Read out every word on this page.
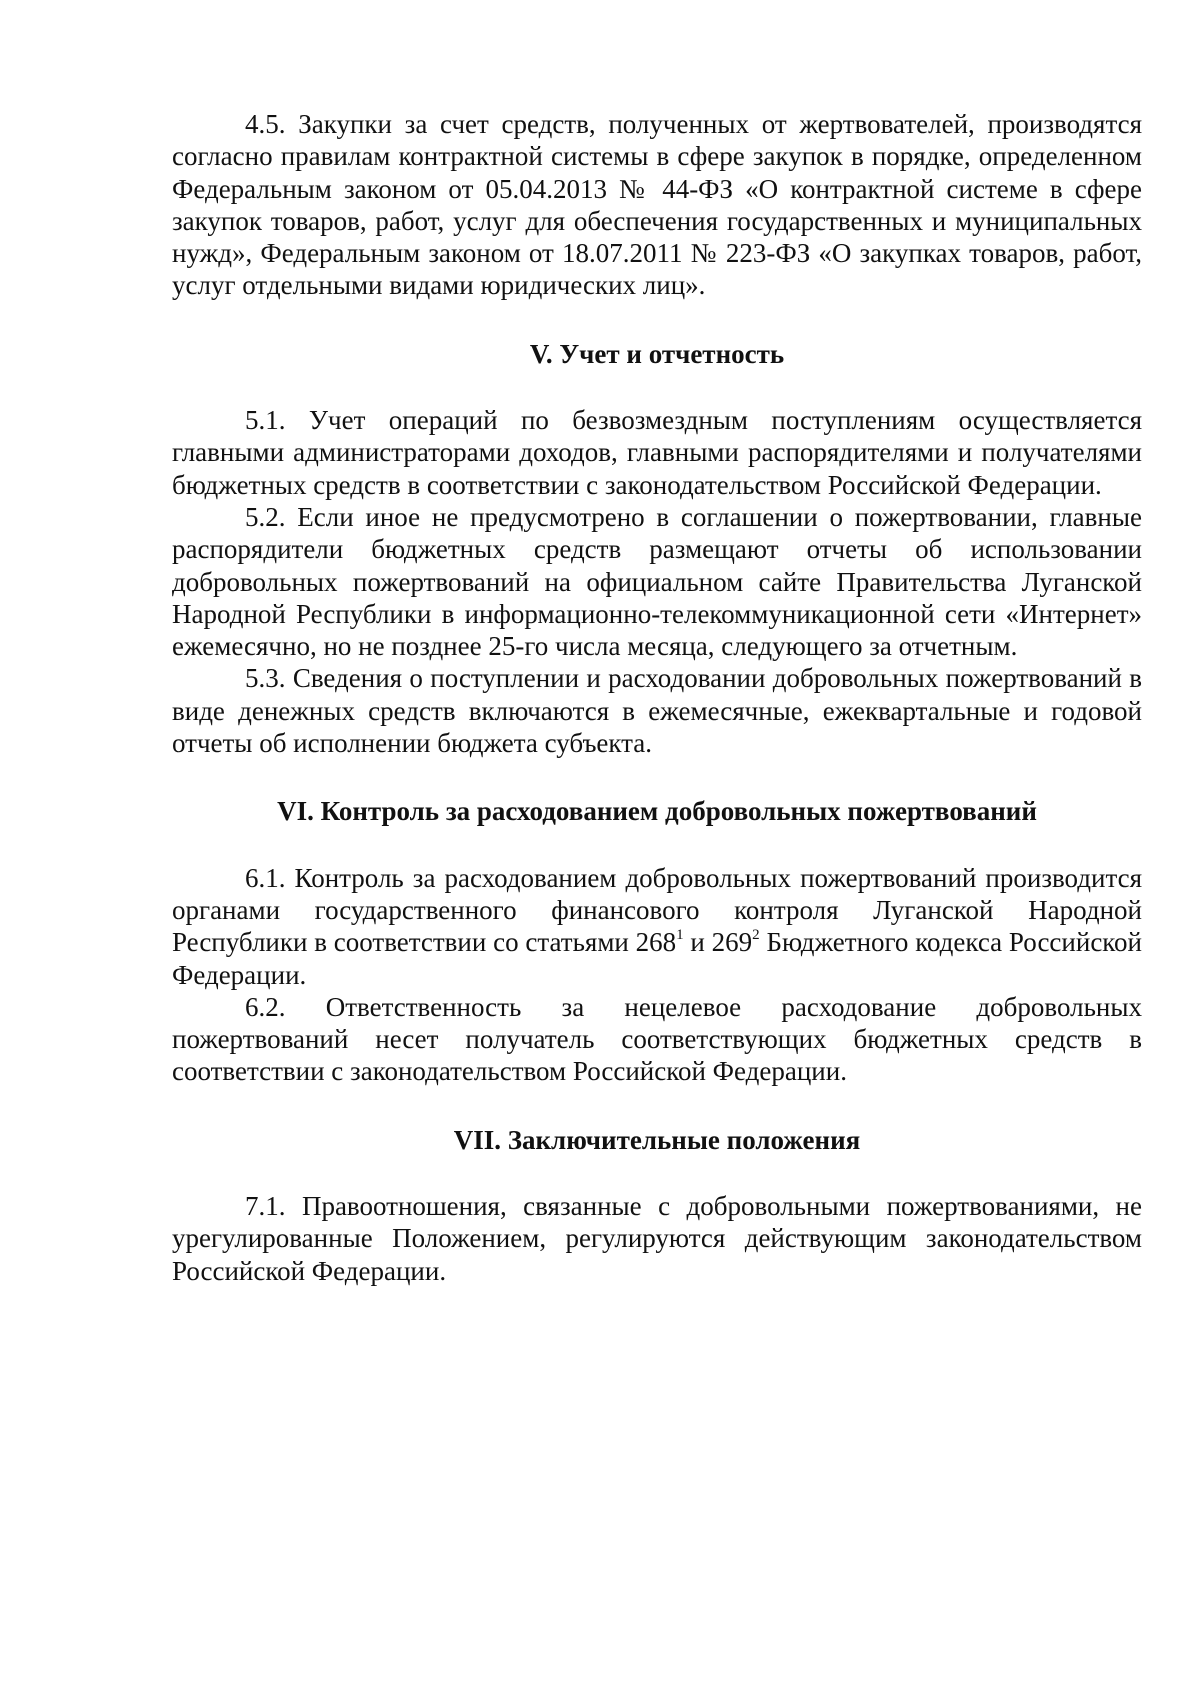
4.5. Закупки за счет средств, полученных от жертвователей, производятся согласно правилам контрактной системы в сфере закупок в порядке, определенном Федеральным законом от 05.04.2013 № 44-ФЗ «О контрактной системе в сфере закупок товаров, работ, услуг для обеспечения государственных и муниципальных нужд», Федеральным законом от 18.07.2011 № 223-ФЗ «О закупках товаров, работ, услуг отдельными видами юридических лиц».

V. Учет и отчетность

5.1. Учет операций по безвозмездным поступлениям осуществляется главными администраторами доходов, главными распорядителями и получателями бюджетных средств в соответствии с законодательством Российской Федерации.

5.2. Если иное не предусмотрено в соглашении о пожертвовании, главные распорядители бюджетных средств размещают отчеты об использовании добровольных пожертвований на официальном сайте Правительства Луганской Народной Республики в информационно-телекоммуникационной сети «Интернет» ежемесячно, но не позднее 25-го числа месяца, следующего за отчетным.

5.3. Сведения о поступлении и расходовании добровольных пожертвований в виде денежных средств включаются в ежемесячные, ежеквартальные и годовой отчеты об исполнении бюджета субъекта.

VI. Контроль за расходованием добровольных пожертвований

6.1. Контроль за расходованием добровольных пожертвований производится органами государственного финансового контроля Луганской Народной Республики в соответствии со статьями $268^1$ и $269^2$ Бюджетного кодекса Российской Федерации.

6.2. Ответственность за нецелевое расходование добровольных пожертвований несет получатель соответствующих бюджетных средств в соответствии с законодательством Российской Федерации.

VII. Заключительные положения

7.1. Правоотношения, связанные с добровольными пожертвованиями, не урегулированные Положением, регулируются действующим законодательством Российской Федерации.
